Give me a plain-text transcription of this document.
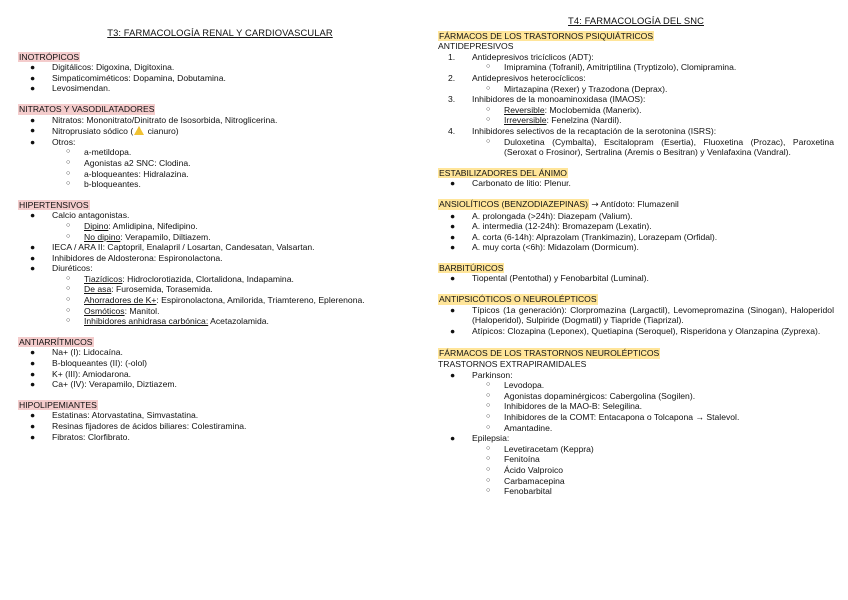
T3: FARMACOLOGÍA RENAL Y CARDIOVASCULAR
INOTRÓPICOS
● Digitálicos: Digoxina, Digitoxina.
● Simpaticomiméticos: Dopamina, Dobutamina.
● Levosimendan.
NITRATOS Y VASODILATADORES
● Nitratos: Mononitrato/Dinitrato de Isosorbida, Nitroglicerina.
● Nitroprusiato sódico ( cianuro)
● Otros:
○ a-metildopa.
○ Agonistas a2 SNC: Clodina.
○ a-bloqueantes: Hidralazina.
○ b-bloqueantes.
HIPERTENSIVOS
● Calcio antagonistas.
○ Dipino: Amlidipina, Nifedipino.
○ No dipino: Verapamilo, Diltiazem.
● IECA / ARA II: Captopril, Enalapril / Losartan, Candesatan, Valsartan.
● Inhibidores de Aldosterona: Espironolactona.
● Diuréticos:
○ Tiazídicos: Hidroclorotiazida, Clortalidona, Indapamina.
○ De asa: Furosemida, Torasemida.
○ Ahorradores de K+: Espironolactona, Amilorida, Triamtereno, Eplerenona.
○ Osmóticos: Manitol.
○ Inhibidores anhidrasa carbónica: Acetazolamida.
ANTIARRÍTMICOS
● Na+ (I): Lidocaína.
● B-bloqueantes (II): (-olol)
● K+ (III): Amiodarona.
● Ca+ (IV): Verapamilo, Diztiazem.
HIPOLIPEMIANTES
● Estatinas: Atorvastatina, Simvastatina.
● Resinas fijadores de ácidos biliares: Colestiramina.
● Fibratos: Clorfibrato.
T4: FARMACOLOGÍA DEL SNC
FÁRMACOS DE LOS TRASTORNOS PSIQUIÁTRICOS
ANTIDEPRESIVOS
1. Antidepresivos tricíclicos (ADT):
○ Imipramina (Tofranil), Amitriptilina (Tryptizolo), Clomipramina.
2. Antidepresivos heterocíclicos:
○ Mirtazapina (Rexer) y Trazodona (Deprax).
3. Inhibidores de la monoaminoxidasa (IMAOS):
○ Reversible: Moclobemida (Manerix).
○ Irreversible: Fenelzina (Nardil).
4. Inhibidores selectivos de la recaptación de la serotonina (ISRS):
○ Duloxetina (Cymbalta), Escitalopram (Esertia), Fluoxetina (Prozac), Paroxetina (Seroxat o Frosinor), Sertralina (Aremis o Besitran) y Venlafaxina (Vandral).
ESTABILIZADORES DEL ÁNIMO
● Carbonato de litio: Plenur.
ANSIOLÍTICOS (BENZODIAZEPINAS) → Antídoto: Flumazenil
● A. prolongada (>24h): Diazepam (Valium).
● A. intermedia (12-24h): Bromazepam (Lexatin).
● A. corta (6-14h): Alprazolam (Trankimazin), Lorazepam (Orfidal).
● A. muy corta (<6h): Midazolam (Dormicum).
BARBITÚRICOS
● Tiopental (Pentothal) y Fenobarbital (Luminal).
ANTIPSICÓTICOS O NEUROLÉPTICOS
● Típicos (1a generación): Clorpromazina (Largactil), Levomepromazina (Sinogan), Haloperidol (Haloperidol), Sulpiride (Dogmatil) y Tiapride (Tiaprizal).
● Atípicos: Clozapina (Leponex), Quetiapina (Seroquel), Risperidona y Olanzapina (Zyprexa).
FÁRMACOS DE LOS TRASTORNOS NEUROLÉPTICOS
TRASTORNOS EXTRAPIRAMIDALES
● Parkinson:
○ Levodopa.
○ Agonistas dopaminérgicos: Cabergolina (Sogilen).
○ Inhibidores de la MAO-B: Selegilina.
○ Inhibidores de la COMT: Entacapona o Tolcapona → Stalevol.
○ Amantadine.
● Epilepsia:
○ Levetiracetam (Keppra)
○ Fenitoína
○ Ácido Valproico
○ Carbamacepina
○ Fenobarbital
